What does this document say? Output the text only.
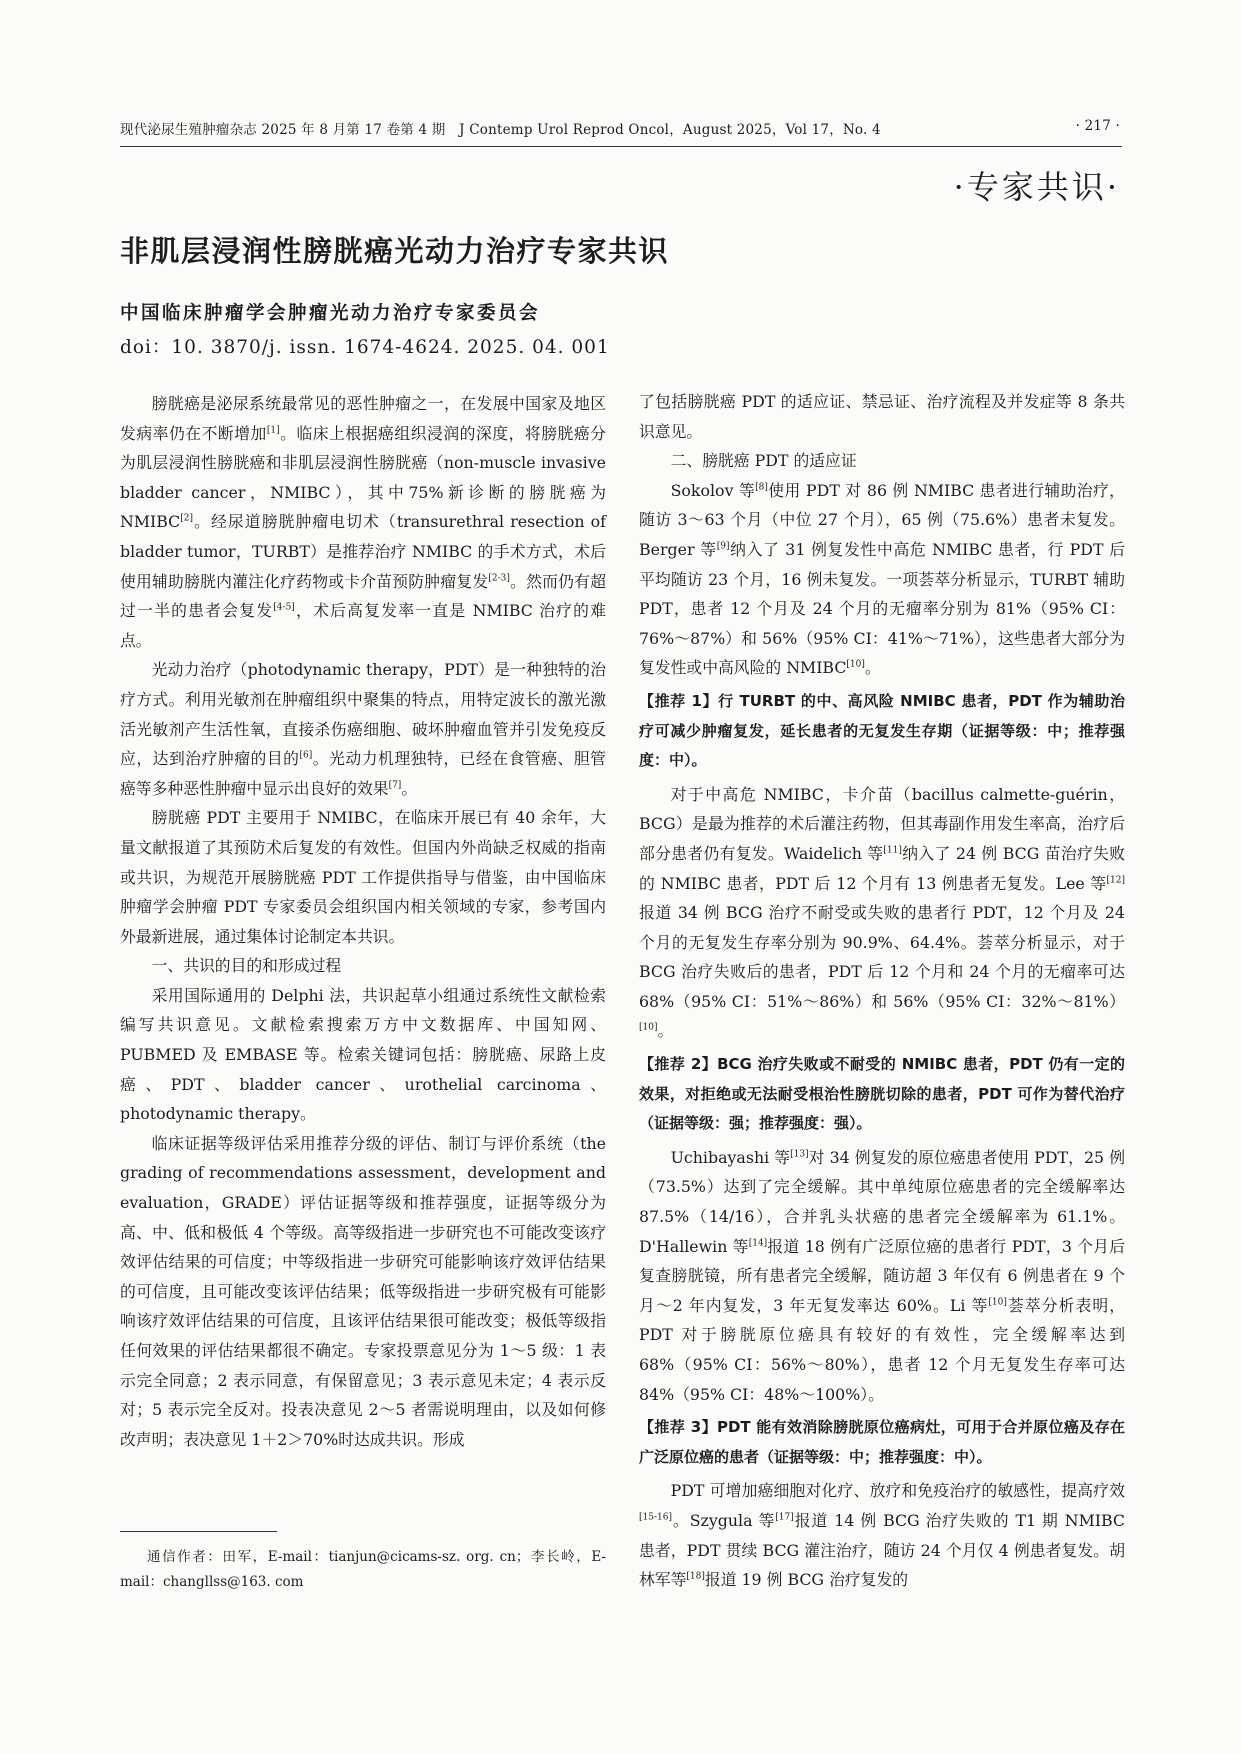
现代泌尿生殖肿瘤杂志 2025 年 8 月第 17 卷第 4 期　J Contemp Urol Reprod Oncol，August 2025，Vol 17，No. 4	· 217 ·
·专家共识·
非肌层浸润性膀胱癌光动力治疗专家共识
中国临床肿瘤学会肿瘤光动力治疗专家委员会
doi：10. 3870/j. issn. 1674-4624. 2025. 04. 001

膀胱癌是泌尿系统最常见的恶性肿瘤之一，在发展中国家及地区发病率仍在不断增加[1]。临床上根据癌组织浸润的深度，将膀胱癌分为肌层浸润性膀胱癌和非肌层浸润性膀胱癌（non-muscle invasive bladder cancer，NMIBC），其中75%新诊断的膀胱癌为NMIBC[2]。经尿道膀胱肿瘤电切术（transurethral resection of bladder tumor，TURBT）是推荐治疗 NMIBC 的手术方式，术后使用辅助膀胱内灌注化疗药物或卡介苗预防肿瘤复发[2-3]。然而仍有超过一半的患者会复发[4-5]，术后高复发率一直是 NMIBC 治疗的难点。

光动力治疗（photodynamic therapy，PDT）是一种独特的治疗方式。利用光敏剂在肿瘤组织中聚集的特点，用特定波长的激光激活光敏剂产生活性氧，直接杀伤癌细胞、破坏肿瘤血管并引发免疫反应，达到治疗肿瘤的目的[6]。光动力机理独特，已经在食管癌、胆管癌等多种恶性肿瘤中显示出良好的效果[7]。

膀胱癌 PDT 主要用于 NMIBC，在临床开展已有 40 余年，大量文献报道了其预防术后复发的有效性。但国内外尚缺乏权威的指南或共识，为规范开展膀胱癌 PDT 工作提供指导与借鉴，由中国临床肿瘤学会肿瘤 PDT 专家委员会组织国内相关领域的专家，参考国内外最新进展，通过集体讨论制定本共识。

一、共识的目的和形成过程

采用国际通用的 Delphi 法，共识起草小组通过系统性文献检索编写共识意见。文献检索搜索万方中文数据库、中国知网、PUBMED 及 EMBASE 等。检索关键词包括：膀胱癌、尿路上皮癌、PDT、bladder cancer、urothelial carcinoma、photodynamic therapy。

临床证据等级评估采用推荐分级的评估、制订与评价系统（the grading of recommendations assessment，development and evaluation，GRADE）评估证据等级和推荐强度，证据等级分为高、中、低和极低 4 个等级。高等级指进一步研究也不可能改变该疗效评估结果的可信度；中等级指进一步研究可能影响该疗效评估结果的可信度，且可能改变该评估结果；低等级指进一步研究极有可能影响该疗效评估结果的可信度，且该评估结果很可能改变；极低等级指任何效果的评估结果都很不确定。专家投票意见分为 1～5 级：1 表示完全同意；2 表示同意，有保留意见；3 表示意见未定；4 表示反对；5 表示完全反对。投表决意见 2～5 者需说明理由，以及如何修改声明；表决意见 1＋2＞70%时达成共识。形成

了包括膀胱癌 PDT 的适应证、禁忌证、治疗流程及并发症等 8 条共识意见。

二、膀胱癌 PDT 的适应证

Sokolov 等[8]使用 PDT 对 86 例 NMIBC 患者进行辅助治疗，随访 3～63 个月（中位 27 个月），65 例（75.6%）患者未复发。Berger 等[9]纳入了 31 例复发性中高危 NMIBC 患者，行 PDT 后平均随访 23 个月，16 例未复发。一项荟萃分析显示，TURBT 辅助 PDT，患者 12 个月及 24 个月的无瘤率分别为 81%（95% CI：76%～87%）和 56%（95% CI：41%～71%），这些患者大部分为复发性或中高风险的 NMIBC[10]。

【推荐 1】行 TURBT 的中、高风险 NMIBC 患者，PDT 作为辅助治疗可减少肿瘤复发，延长患者的无复发生存期（证据等级：中；推荐强度：中）。

对于中高危 NMIBC，卡介苗（bacillus calmette-guérin，BCG）是最为推荐的术后灌注药物，但其毒副作用发生率高，治疗后部分患者仍有复发。Waidelich 等[11]纳入了 24 例 BCG 苗治疗失败的 NMIBC 患者，PDT 后 12 个月有 13 例患者无复发。Lee 等[12]报道 34 例 BCG 治疗不耐受或失败的患者行 PDT，12 个月及 24 个月的无复发生存率分别为 90.9%、64.4%。荟萃分析显示，对于 BCG 治疗失败后的患者，PDT 后 12 个月和 24 个月的无瘤率可达 68%（95% CI：51%～86%）和 56%（95% CI：32%～81%）[10]。

【推荐 2】BCG 治疗失败或不耐受的 NMIBC 患者，PDT 仍有一定的效果，对拒绝或无法耐受根治性膀胱切除的患者，PDT 可作为替代治疗（证据等级：强；推荐强度：强）。

Uchibayashi 等[13]对 34 例复发的原位癌患者使用 PDT，25 例（73.5%）达到了完全缓解。其中单纯原位癌患者的完全缓解率达 87.5%（14/16），合并乳头状癌的患者完全缓解率为 61.1%。D'Hallewin 等[14]报道 18 例有广泛原位癌的患者行 PDT，3 个月后复查膀胱镜，所有患者完全缓解，随访超 3 年仅有 6 例患者在 9 个月～2 年内复发，3 年无复发率达 60%。Li 等[10]荟萃分析表明，PDT 对于膀胱原位癌具有较好的有效性，完全缓解率达到 68%（95% CI：56%～80%），患者 12 个月无复发生存率可达 84%（95% CI：48%～100%）。

【推荐 3】PDT 能有效消除膀胱原位癌病灶，可用于合并原位癌及存在广泛原位癌的患者（证据等级：中；推荐强度：中）。

PDT 可增加癌细胞对化疗、放疗和免疫治疗的敏感性，提高疗效[15-16]。Szygula 等[17]报道 14 例 BCG 治疗失败的 T1 期 NMIBC 患者，PDT 贯续 BCG 灌注治疗，随访 24 个月仅 4 例患者复发。胡林军等[18]报道 19 例 BCG 治疗复发的

通信作者：田军，E-mail：tianjun@cicams-sz. org. cn；李长岭，E-mail：changllss@163. com
